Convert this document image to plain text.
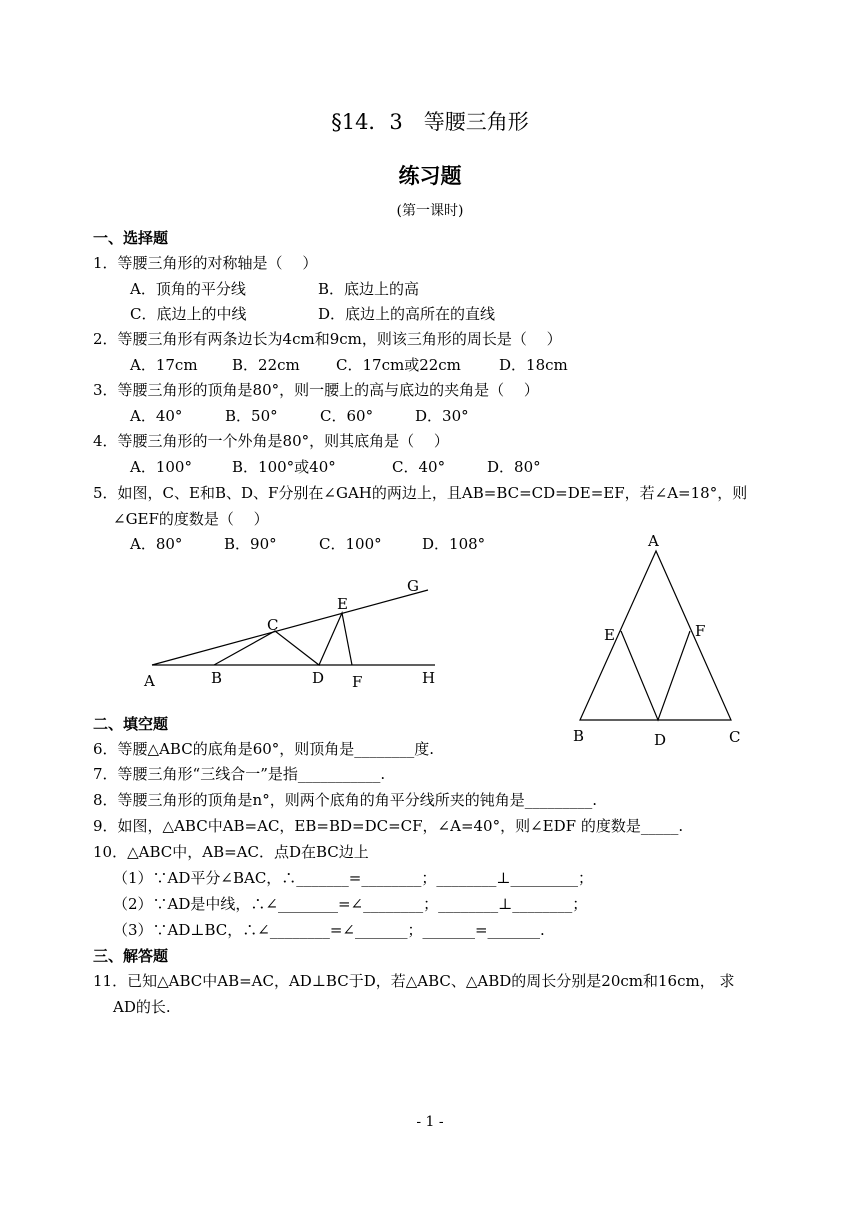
§14．3　等腰三角形
练习题
(第一课时)
一、选择题
1．等腰三角形的对称轴是（　 ）
A．顶角的平分线	B．底边上的高
C．底边上的中线	D．底边上的高所在的直线
2．等腰三角形有两条边长为4cm和9cm，则该三角形的周长是（　 ）
A．17cm B．22cm C．17cm或22cm	D．18cm
3．等腰三角形的顶角是80°，则一腰上的高与底边的夹角是（　 ）
A．40°	B．50°	C．60°	D．30°
4．等腰三角形的一个外角是80°，则其底角是（　 ）
A．100°	B．100°或40°	C．40°	D．80°
5．如图，C、E和B、D、F分别在∠GAH的两边上，且AB=BC=CD=DE=EF，若∠A=18°，则
∠GEF的度数是（　 ）
A．80°	B．90°	C．100°	D．108°
A	B
C
D
E
F
G
H
A
E	F
B	D	C
二、填空题
6．等腰△ABC的底角是60°，则顶角是________度.
7．等腰三角形“三线合一”是指___________.
8．等腰三角形的顶角是n°，则两个底角的角平分线所夹的钝角是_________.
9．如图，△ABC中AB=AC，EB=BD=DC=CF，∠A=40°，则∠EDF 的度数是_____.
10．△ABC中，AB=AC．点D在BC边上
（1）∵AD平分∠BAC，∴_______=________；________⊥_________；
（2）∵AD是中线，∴∠________=∠________；________⊥________；
（3）∵AD⊥BC，∴∠________=∠_______；_______=_______.
三、解答题
11．已知△ABC中AB=AC，AD⊥BC于D，若△ABC、△ABD的周长分别是20cm和16cm， 求
AD的长.
- 1 -
